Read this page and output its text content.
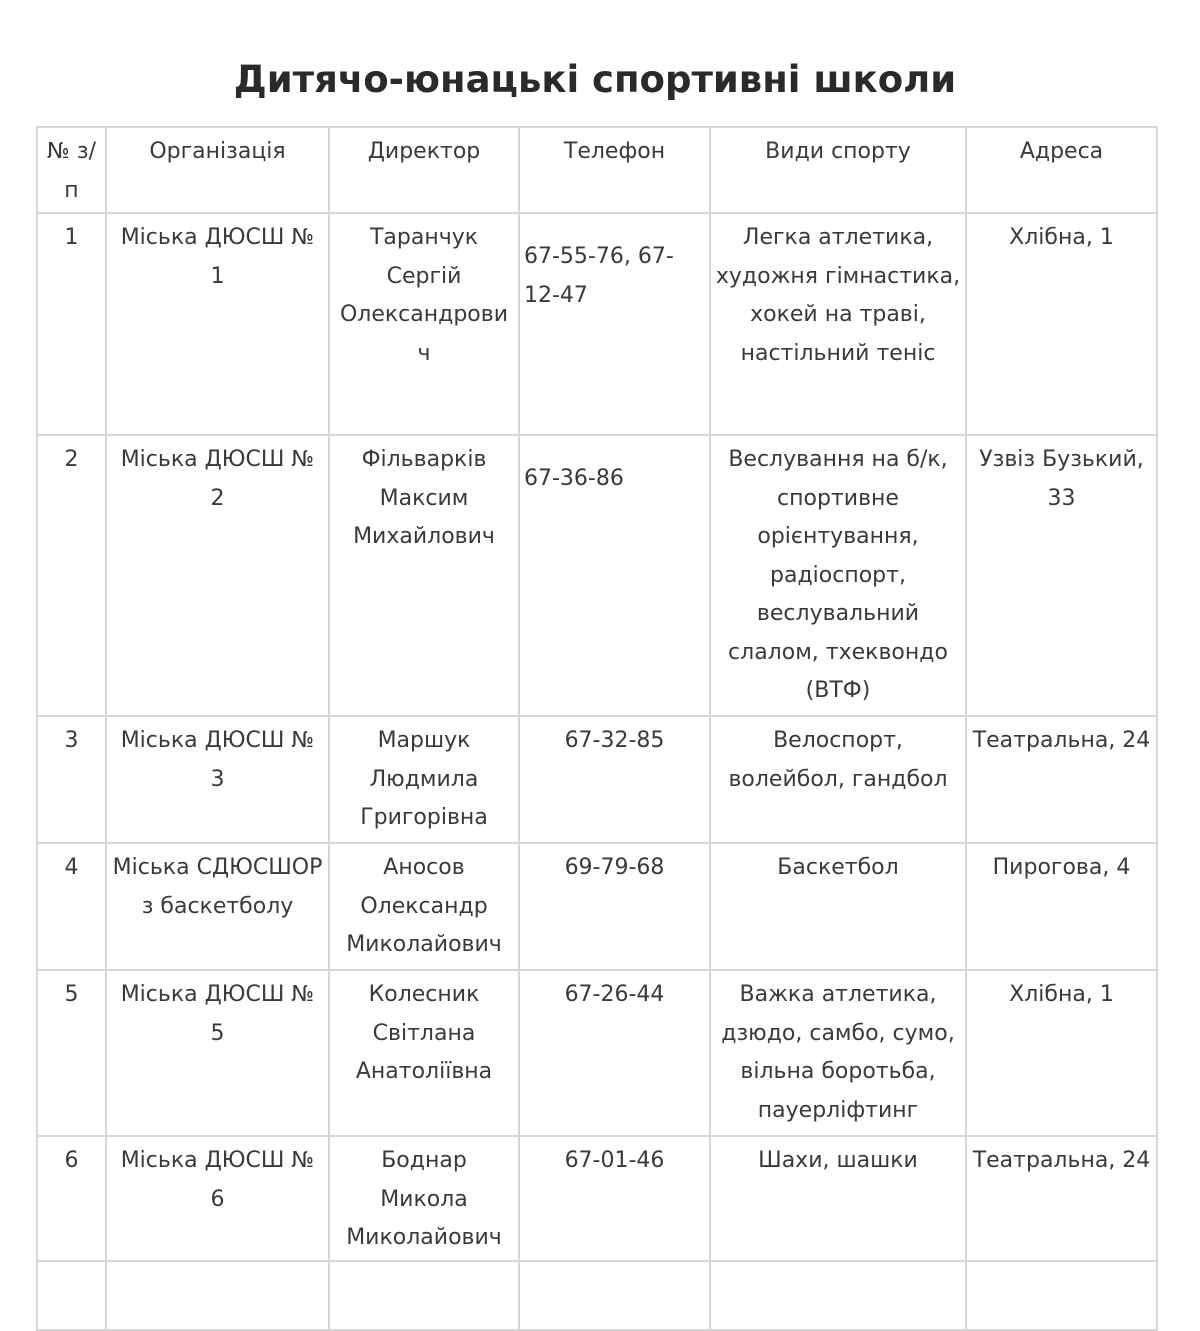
Дитячо-юнацькі спортивні школи
№ з/п	Організація	Директор	Телефон	Види спорту	Адреса
1	Міська ДЮСШ № 1	Таранчук Сергій Олександрович	67-55-76, 67-12-47	Легка атлетика, художня гімнастика, хокей на траві, настільний теніс	Хлібна, 1
2	Міська ДЮСШ № 2	Фільварків Максим Михайлович	67-36-86	Веслування на б/к, спортивне орієнтування, радіоспорт, веслувальний слалом, тхеквондо (ВТФ)	Узвіз Бузький, 33
3	Міська ДЮСШ № 3	Маршук Людмила Григорівна	67-32-85	Велоспорт, волейбол, гандбол	Театральна, 24
4	Міська СДЮСШОР з баскетболу	Аносов Олександр Миколайович	69-79-68	Баскетбол	Пирогова, 4
5	Міська ДЮСШ № 5	Колесник Світлана Анатоліївна	67-26-44	Важка атлетика, дзюдо, самбо, сумо, вільна боротьба, пауерліфтинг	Хлібна, 1
6	Міська ДЮСШ № 6	Боднар Микола Миколайович	67-01-46	Шахи, шашки	Театральна, 24
